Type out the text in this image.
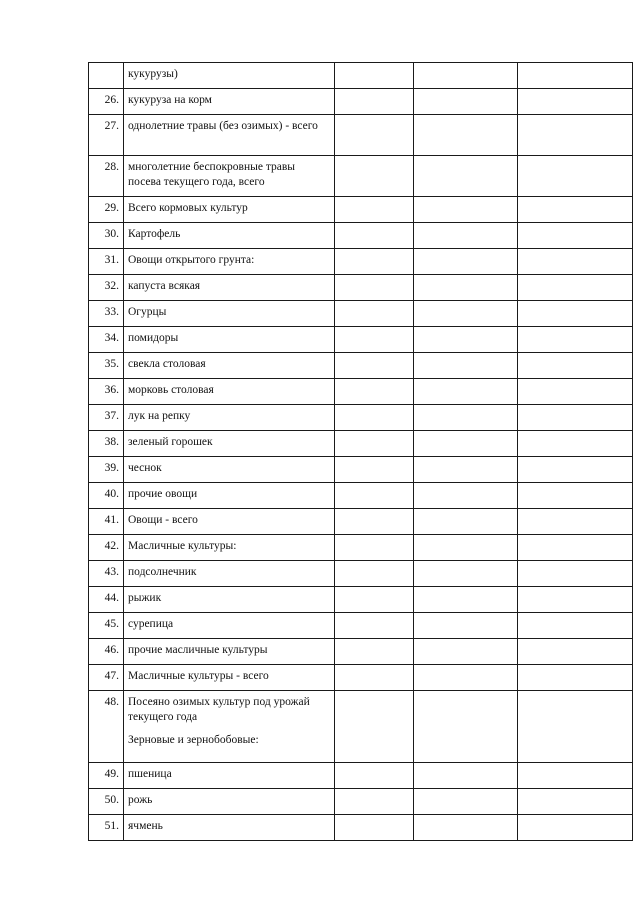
	кукурузы)			
26.	кукуруза на корм			
27.	однолетние травы (без озимых) - всего			
28.	многолетние беспокровные травы посева текущего года, всего			
29.	Всего кормовых культур			
30.	Картофель			
31.	Овощи открытого грунта:			
32.	капуста всякая			
33.	Огурцы			
34.	помидоры			
35.	свекла столовая			
36.	морковь столовая			
37.	лук на репку			
38.	зеленый горошек			
39.	чеснок			
40.	прочие овощи			
41.	Овощи - всего			
42.	Масличные культуры:			
43.	подсолнечник			
44.	рыжик			
45.	сурепица			
46.	прочие масличные культуры			
47.	Масличные культуры - всего			
48.	Посеяно озимых культур под урожай текущего года
Зерновые и зернобобовые:			

49.	пшеница			
50.	рожь			
51.	ячмень			
